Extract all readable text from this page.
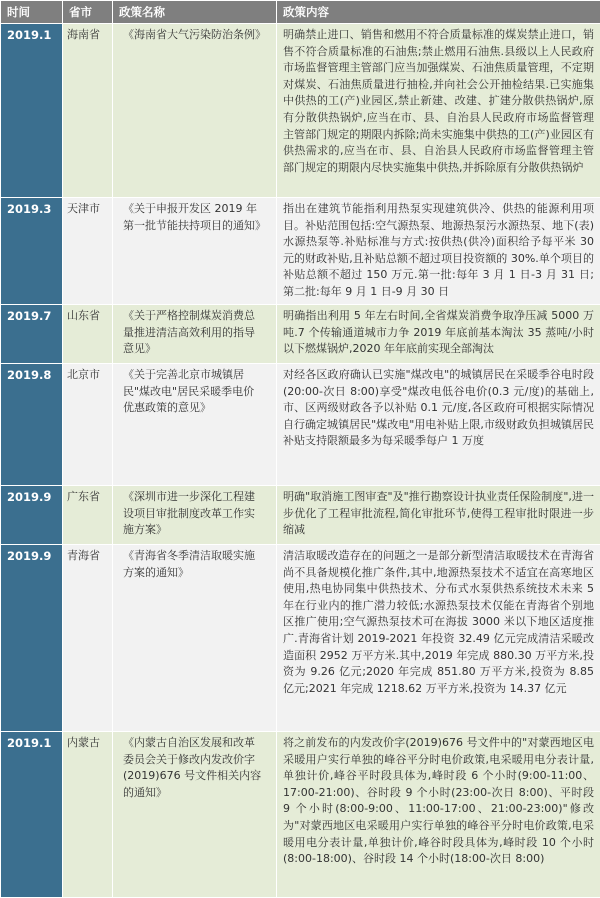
时间	省市	政策名称	政策内容
2019.1	海南省	《海南省大气污染防治条例》	明确禁止进口、销售和燃用不符合质量标准的煤炭禁止进口，销售不符合质量标准的石油焦;禁止燃用石油焦.县级以上人民政府市场监督管理主管部门应当加强煤炭、石油焦质量管理，不定期对煤炭、石油焦质量进行抽检,并向社会公开抽检结果.已实施集中供热的工(产)业园区,禁止新建、改建、扩建分散供热锅炉,原有分散供热锅炉,应当在市、县、自治县人民政府市场监督管理主管部门规定的期限内拆除;尚未实施集中供热的工(产)业园区有供热需求的,应当在市、县、自治县人民政府市场监督管理主管部门规定的期限内尽快实施集中供热,并拆除原有分散供热锅炉
2019.3	天津市	《关于申报开发区 2019 年第一批节能扶持项目的通知》	指出在建筑节能指利用热泵实现建筑供冷、供热的能源利用项目。补贴范围包括:空气源热泵、地源热泵污水源热泵、地下(表)水源热泵等.补贴标准与方式:按供热(供冷)面积给予每平米 30 元的财政补贴,且补贴总额不超过项目投资额的 30%.单个项目的补贴总额不超过 150 万元.第一批:每年 3 月 1 日-3 月 31 日;第二批:每年 9 月 1 日-9 月 30 日
2019.7	山东省	《关于严格控制煤炭消费总量推进清洁高效利用的指导意见》	明确指出利用 5 年左右时间,全省煤炭消费争取净压减 5000 万吨.7 个传输通道城市力争 2019 年底前基本淘汰 35 蒸吨/小时以下燃煤锅炉,2020 年年底前实现全部淘汰
2019.8	北京市	《关于完善北京市城镇居民"煤改电"居民采暖季电价优惠政策的意见》	对经各区政府确认已实施"煤改电"的城镇居民在采暖季谷电时段(20:00-次日 8:00)享受"煤改电低谷电价(0.3 元/度)的基础上,市、区两级财政各予以补贴 0.1 元/度,各区政府可根据实际情况自行确定城镇居民"煤改电"用电补贴上限,市级财政负担城镇居民补贴支持限额最多为每采暖季每户 1 万度
2019.9	广东省	《深圳市进一步深化工程建设项目审批制度改革工作实施方案》	明确"取消施工图审查"及"推行勘察设计执业责任保险制度",进一步优化了工程审批流程,简化审批环节,使得工程审批时限进一步缩减
2019.9	青海省	《青海省冬季清洁取暖实施方案的通知》	清洁取暖改造存在的问题之一是部分新型清洁取暖技术在青海省尚不具备规模化推广条件,其中,地源热泵技术不适宜在高寒地区使用,热电协同集中供热技术、分布式水泵供热系统技术未来 5 年在行业内的推广潜力较低;水源热泵技术仅能在青海省个别地区推广使用;空气源热泵技术可在海拔 3000 米以下地区适度推广.青海省计划 2019-2021 年投资 32.49 亿元完成清洁采暖改造面积 2952 万平方米.其中,2019 年完成 880.30 万平方米,投资为 9.26 亿元;2020 年完成 851.80 万平方米,投资为 8.85 亿元;2021 年完成 1218.62 万平方米,投资为 14.37 亿元
2019.1	内蒙古	《内蒙古自治区发展和改革委员会关于修改内发改价字(2019)676 号文件相关内容的通知》	将之前发布的内发改价字(2019)676 号文件中的"对蒙西地区电采暖用户实行单独的峰谷平分时电价政策,电采暖用电分表计量,单独计价,峰谷平时段具体为,峰时段 6 个小时(9:00-11:00、17:00-21:00)、谷时段 9 个小时(23:00-次日 8:00)、平时段 9 个小时(8:00-9:00、11:00-17:00、21:00-23:00)"修改为"对蒙西地区电采暖用户实行单独的峰谷平分时电价政策,电采暖用电分表计量,单独计价,峰谷时段具体为,峰时段 10 个小时(8:00-18:00)、谷时段 14 个小时(18:00-次日 8:00)
